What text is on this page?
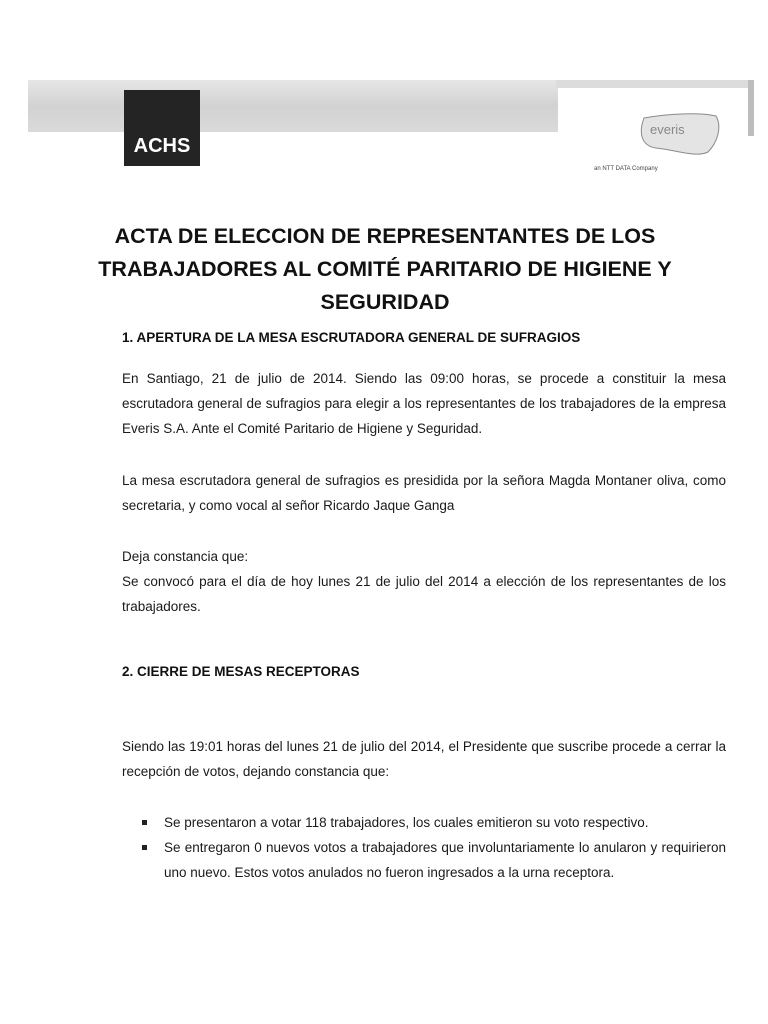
ACHS
everis
an NTT DATA Company
ACTA DE ELECCION DE REPRESENTANTES DE LOS TRABAJADORES AL COMITÉ PARITARIO DE HIGIENE Y SEGURIDAD
1. APERTURA DE LA MESA ESCRUTADORA GENERAL DE SUFRAGIOS
En Santiago, 21 de julio de 2014. Siendo las 09:00 horas, se procede a constituir la mesa escrutadora general de sufragios para elegir a los representantes de los trabajadores de la empresa Everis S.A. Ante el Comité Paritario de Higiene y Seguridad.
La mesa escrutadora general de sufragios es presidida por la señora Magda Montaner oliva, como secretaria, y como vocal al señor Ricardo Jaque Ganga
Deja constancia que:
Se convocó para el día de hoy lunes 21 de julio del 2014 a elección de los representantes de los trabajadores.
2. CIERRE DE MESAS RECEPTORAS
Siendo las 19:01 horas del lunes 21 de julio del 2014, el Presidente que suscribe procede a cerrar la recepción de votos, dejando constancia que:
Se presentaron a votar 118 trabajadores, los cuales emitieron su voto respectivo.
Se entregaron 0 nuevos votos a trabajadores que involuntariamente lo anularon y requirieron uno nuevo. Estos votos anulados no fueron ingresados a la urna receptora.
